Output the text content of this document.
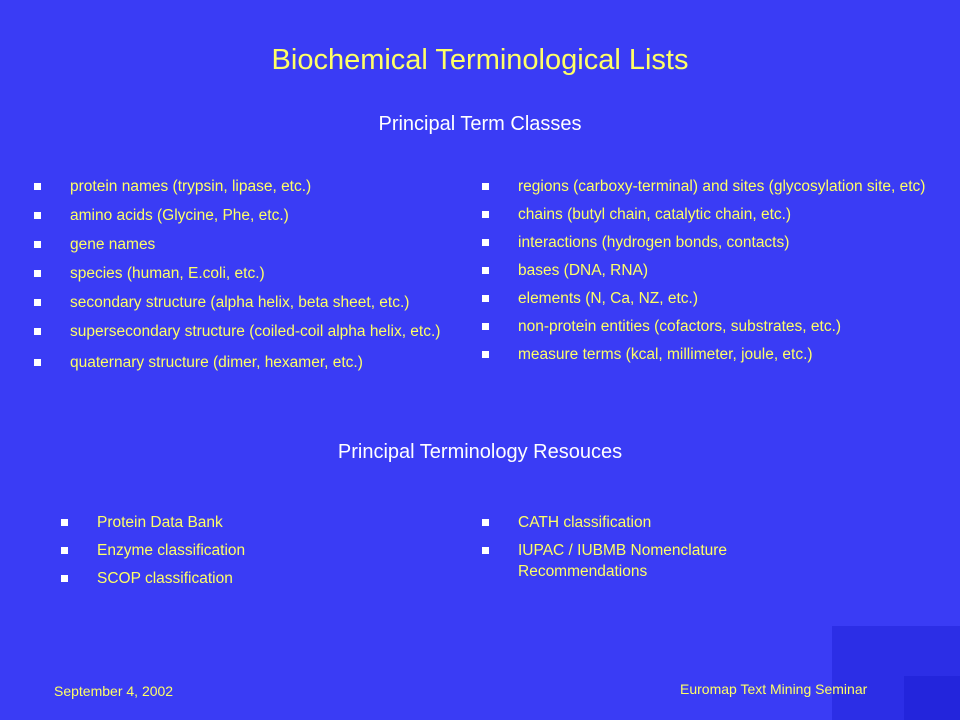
Biochemical Terminological Lists
Principal Term Classes
protein names (trypsin, lipase, etc.)
amino acids (Glycine, Phe, etc.)
gene names
species (human, E.coli, etc.)
secondary structure (alpha helix, beta sheet, etc.)
supersecondary structure (coiled-coil alpha helix, etc.)
quaternary structure (dimer, hexamer, etc.)
regions (carboxy-terminal) and sites (glycosylation site, etc)
chains (butyl chain, catalytic chain, etc.)
interactions (hydrogen bonds, contacts)
bases (DNA, RNA)
elements (N, Ca, NZ, etc.)
non-protein entities (cofactors, substrates, etc.)
measure terms (kcal, millimeter, joule, etc.)
Principal Terminology Resouces
Protein Data Bank
Enzyme classification
SCOP classification
CATH classification
IUPAC / IUBMB Nomenclature Recommendations
September 4, 2002	Euromap Text Mining Seminar
